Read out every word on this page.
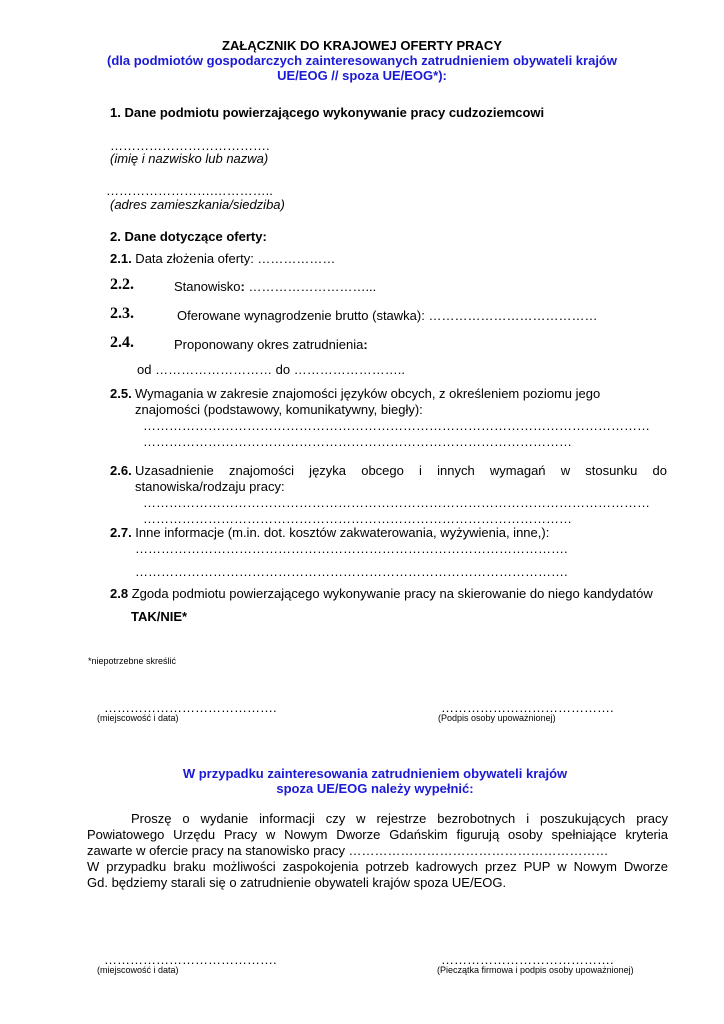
ZAŁĄCZNIK DO KRAJOWEJ OFERTY PRACY
(dla podmiotów gospodarczych zainteresowanych zatrudnieniem obywateli krajów
UE/EOG // spoza UE/EOG*):
1. Dane podmiotu powierzającego wykonywanie pracy cudzoziemcowi
……………………………….
(imię i nazwisko lub nazwa)
…………………….…………..
(adres zamieszkania/siedziba)
2. Dane dotyczące oferty:
2.1. Data złożenia oferty: ………………
2.2.	Stanowisko: ………………………...
2.3.	Oferowane wynagrodzenie brutto (stawka): …………………………………
2.4.	Proponowany okres zatrudnienia:
od ……………………… do ……………………..
2.5. Wymagania w zakresie znajomości języków obcych, z określeniem poziomu jego
znajomości (podstawowy, komunikatywny, biegły):
………………………………………………………………………………………………………
………………………………………………………………………………………
2.6. Uzasadnienie znajomości języka obcego i innych wymagań w stosunku do
stanowiska/rodzaju pracy:
………………………………………………………………………………………………………
………………………………………………………………………………………
2.7. Inne informacje (m.in. dot. kosztów zakwaterowania, wyżywienia, inne,):
……………………………………………………………………………………….
……………………………………………………………………………………….
2.8 Zgoda podmiotu powierzającego wykonywanie pracy na skierowanie do niego kandydatów
TAK/NIE*
*niepotrzebne skreślić
………………………………….
(miejscowość i data)
………………………………….
(Podpis osoby upoważnionej)
W przypadku zainteresowania zatrudnieniem obywateli krajów
spoza UE/EOG należy wypełnić:
Proszę o wydanie informacji czy w rejestrze bezrobotnych i poszukujących pracy
Powiatowego Urzędu Pracy w Nowym Dworze Gdańskim figurują osoby spełniające kryteria
zawarte w ofercie pracy na stanowisko pracy ……………………………………………………
W przypadku braku możliwości zaspokojenia potrzeb kadrowych przez PUP w Nowym Dworze
Gd. będziemy starali się o zatrudnienie obywateli krajów spoza UE/EOG.
………………………………….
(miejscowość i data)
………………………………….
(Pieczątka firmowa i podpis osoby upoważnionej)
